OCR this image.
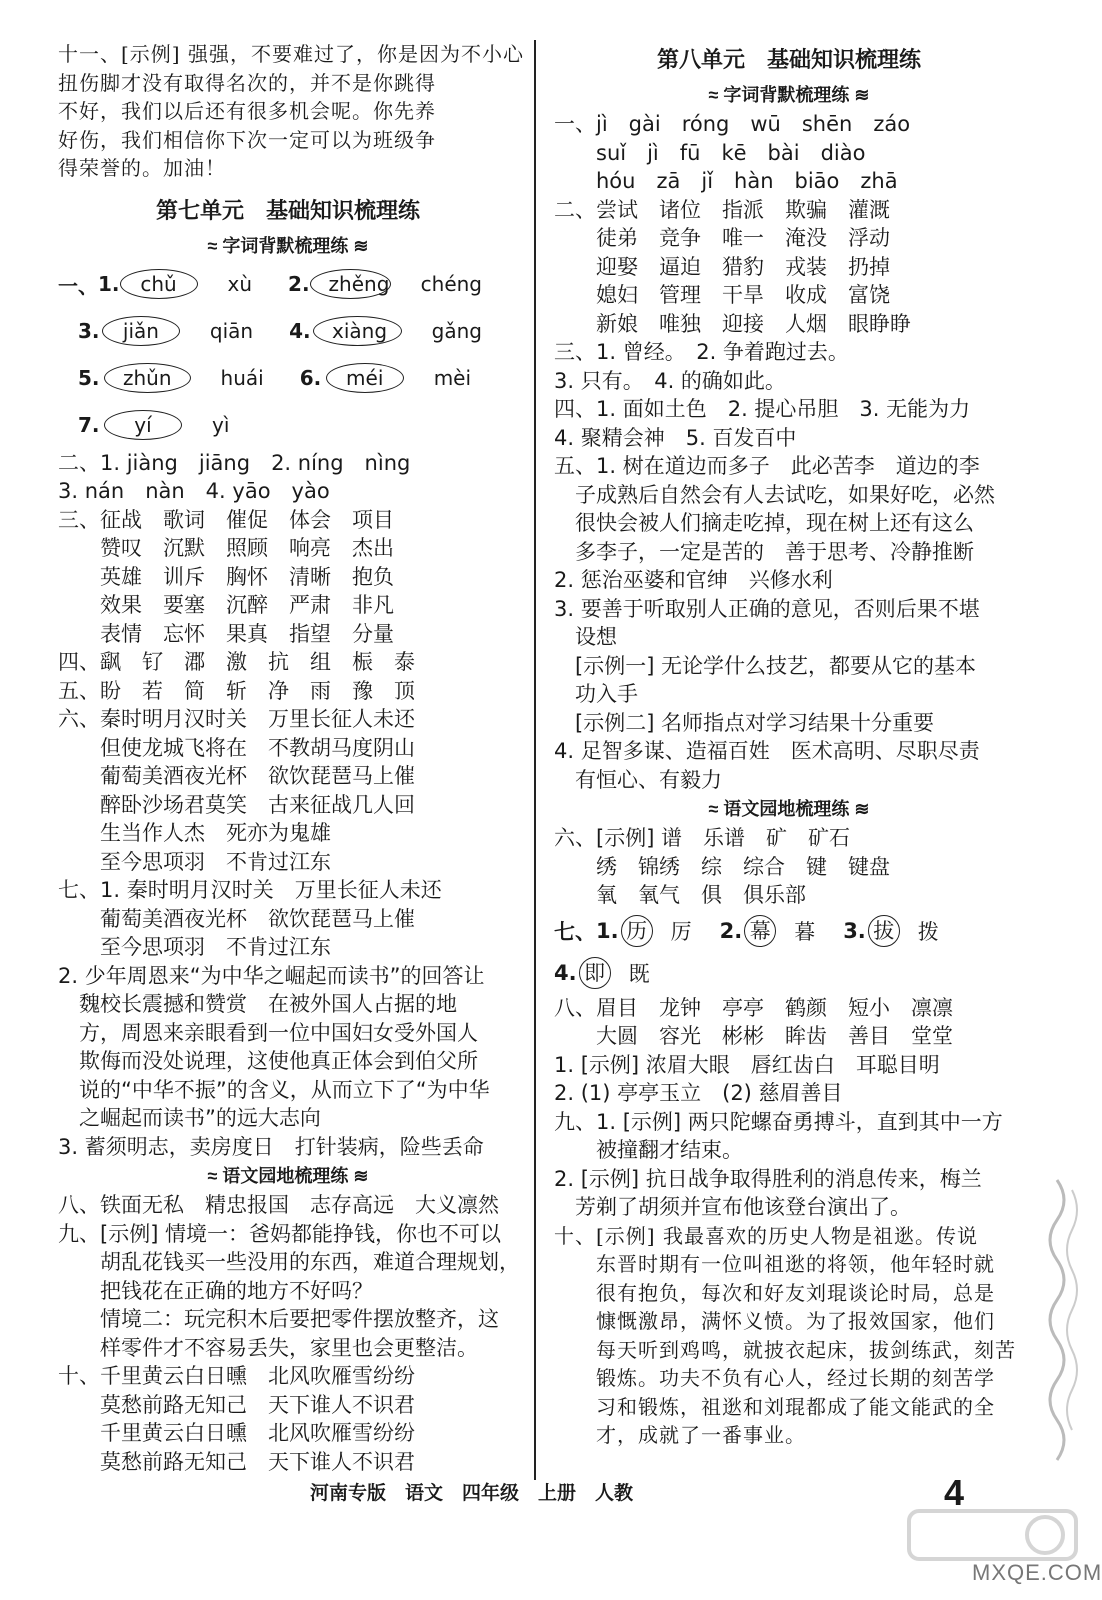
十一、[示例] 强强，不要难过了，你是因为不小心
扭伤脚才没有取得名次的，并不是你跳得
不好，我们以后还有很多机会呢。你先养
好伤，我们相信你下次一定可以为班级争
得荣誉的。加油！
第七单元　基础知识梳理练
≈ 字词背默梳理练 ≋
一、 1.	chǔ	xù 2. zhěng chéng

3.	jiǎn	qiān 4.	xiàng	gǎng

5.	zhǔn	huái 6.	méi	mèi

7.	yí	yì
二、1. jiàng　jiāng　2. níng　nìng
3. nán　nàn　4. yāo　yào
三、征战　歌词　催促　体会　项目
　　赞叹　沉默　照顾　响亮　杰出
　　英雄　训斥　胸怀　清晰　抱负
　　效果　要塞　沉醉　严肃　非凡
　　表情　忘怀　果真　指望　分量
四、飖　钌　㴫　激　抗　组　桭　泰
五、盼　若　简　斩　净　雨　豫　顶
六、秦时明月汉时关　万里长征人未还
　　但使龙城飞将在　不教胡马度阴山
　　葡萄美酒夜光杯　欲饮琵琶马上催
　　醉卧沙场君莫笑　古来征战几人回
　　生当作人杰　死亦为鬼雄
　　至今思项羽　不肯过江东
七、1. 秦时明月汉时关　万里长征人未还
　　葡萄美酒夜光杯　欲饮琵琶马上催
　　至今思项羽　不肯过江东
2. 少年周恩来“为中华之崛起而读书”的回答让
　魏校长震撼和赞赏　在被外国人占据的地
　方，周恩来亲眼看到一位中国妇女受外国人
　欺侮而没处说理，这使他真正体会到伯父所
　说的“中华不振”的含义，从而立下了“为中华
　之崛起而读书”的远大志向
3. 蓄须明志，卖房度日　打针装病，险些丢命
≈ 语文园地梳理练 ≋
八、铁面无私　精忠报国　志存高远　大义凛然
九、[示例] 情境一：爸妈都能挣钱，你也不可以
　　胡乱花钱买一些没用的东西，难道合理规划，
　　把钱花在正确的地方不好吗？
　　情境二：玩完积木后要把零件摆放整齐，这
　　样零件才不容易丢失，家里也会更整洁。
十、千里黄云白日曛　北风吹雁雪纷纷
　　莫愁前路无知己　天下谁人不识君
　　千里黄云白日曛　北风吹雁雪纷纷
　　莫愁前路无知己　天下谁人不识君
第八单元　基础知识梳理练
≈ 字词背默梳理练 ≋
一、jì　gài　róng　wū　shēn　záo
　　suǐ　jì　fū　kē　bài　diào
　　hóu　zā　jǐ　hàn　biāo　zhā
二、尝试　诸位　指派　欺骗　灌溉
　　徒弟　竞争　唯一　淹没　浮动
　　迎娶　逼迫　猎豹　戎装　扔掉
　　媳妇　管理　干旱　收成　富饶
　　新娘　唯独　迎接　人烟　眼睁睁
三、1. 曾经。　2. 争着跑过去。
3. 只有。　4. 的确如此。
四、1. 面如土色　2. 提心吊胆　3. 无能为力
4. 聚精会神　5. 百发百中
五、1. 树在道边而多子　此必苦李　道边的李
　子成熟后自然会有人去试吃，如果好吃，必然
　很快会被人们摘走吃掉，现在树上还有这么
　多李子，一定是苦的　善于思考、冷静推断
2. 惩治巫婆和官绅　兴修水利
3. 要善于听取别人正确的意见，否则后果不堪
　设想
　[示例一] 无论学什么技艺，都要从它的基本
　功入手
　[示例二] 名师指点对学习结果十分重要
4. 足智多谋、造福百姓　医术高明、尽职尽责
　有恒心、有毅力
≈ 语文园地梳理练 ≋
六、[示例] 谱　乐谱　矿　矿石
　　绣　锦绣　综　综合　键　键盘
　　氧　氧气　俱　俱乐部
七、 1. 历 厉 2. 幕 暮 3. 拔 拨
4. 即 既
八、眉目　龙钟　亭亭　鹤颜　短小　凛凛
　　大圆　容光　彬彬　眸齿　善目　堂堂
1. [示例] 浓眉大眼　唇红齿白　耳聪目明
2. (1) 亭亭玉立　(2) 慈眉善目
九、1. [示例] 两只陀螺奋勇搏斗，直到其中一方
　　被撞翻才结束。
2. [示例] 抗日战争取得胜利的消息传来，梅兰
　芳剃了胡须并宣布他该登台演出了。
十、[示例] 我最喜欢的历史人物是祖逖。传说
　　东晋时期有一位叫祖逖的将领，他年轻时就
　　很有抱负，每次和好友刘琨谈论时局，总是
　　慷慨激昂，满怀义愤。为了报效国家，他们
　　每天听到鸡鸣，就披衣起床，拔剑练武，刻苦
　　锻炼。功夫不负有心人，经过长期的刻苦学
　　习和锻炼，祖逖和刘琨都成了能文能武的全
　　才，成就了一番事业。
河南专版　语文　四年级　上册　人教	4
MXQE.COM
